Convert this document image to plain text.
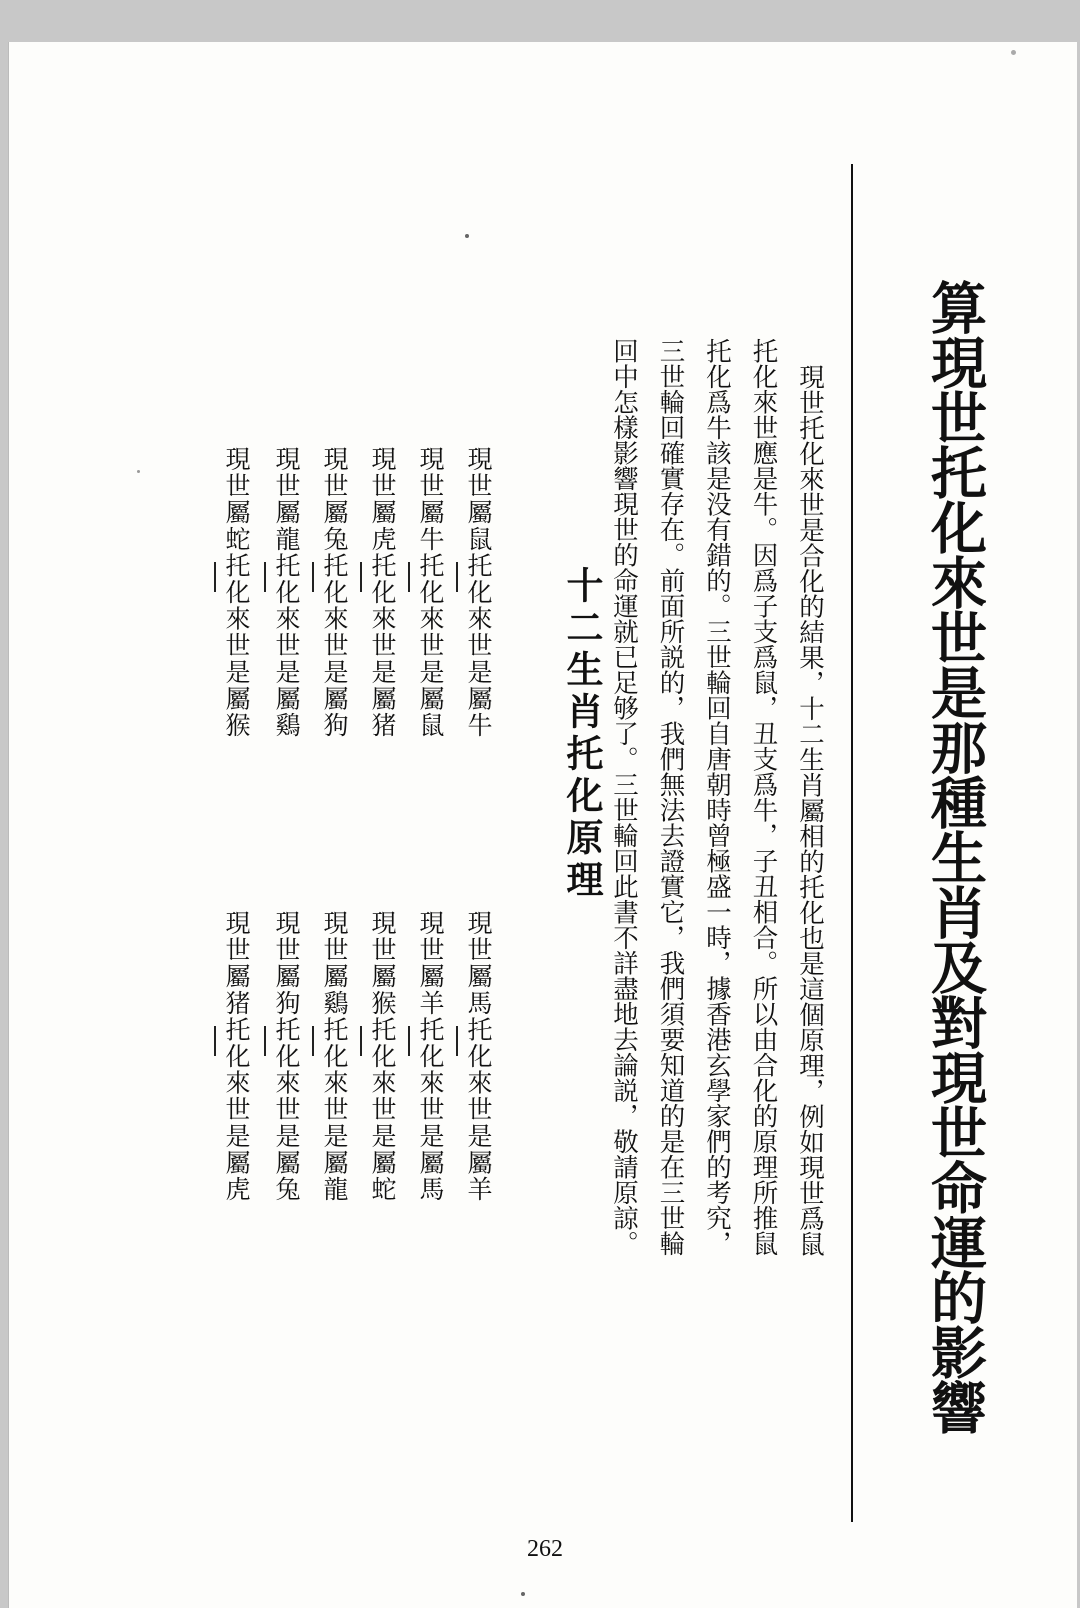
算現世托化來世是那種生肖及對現世命運的影響

現世托化來世是合化的結果，十二生肖屬相的托化也是這個原理，例如現世爲鼠托化來世應是牛。因爲子支爲鼠，丑支爲牛，子丑相合。所以由合化的原理所推鼠托化爲牛該是没有錯的。三世輪回自唐朝時曾極盛一時，據香港玄學家們的考究，三世輪回確實存在。前面所説的，我們無法去證實它，我們須要知道的是在三世輪回中怎樣影響現世的命運就已足够了。三世輪回此書不詳盡地去論説，敬請原諒。

十二生肖托化原理
現世屬鼠托化來世是屬牛
現世屬馬托化來世是屬羊
現世屬牛托化來世是屬鼠
現世屬羊托化來世是屬馬
現世屬虎托化來世是屬猪
現世屬猴托化來世是屬蛇
現世屬兔托化來世是屬狗
現世屬鷄托化來世是屬龍
現世屬龍托化來世是屬鷄
現世屬狗托化來世是屬兔
現世屬蛇托化來世是屬猴
現世屬猪托化來世是屬虎
262
